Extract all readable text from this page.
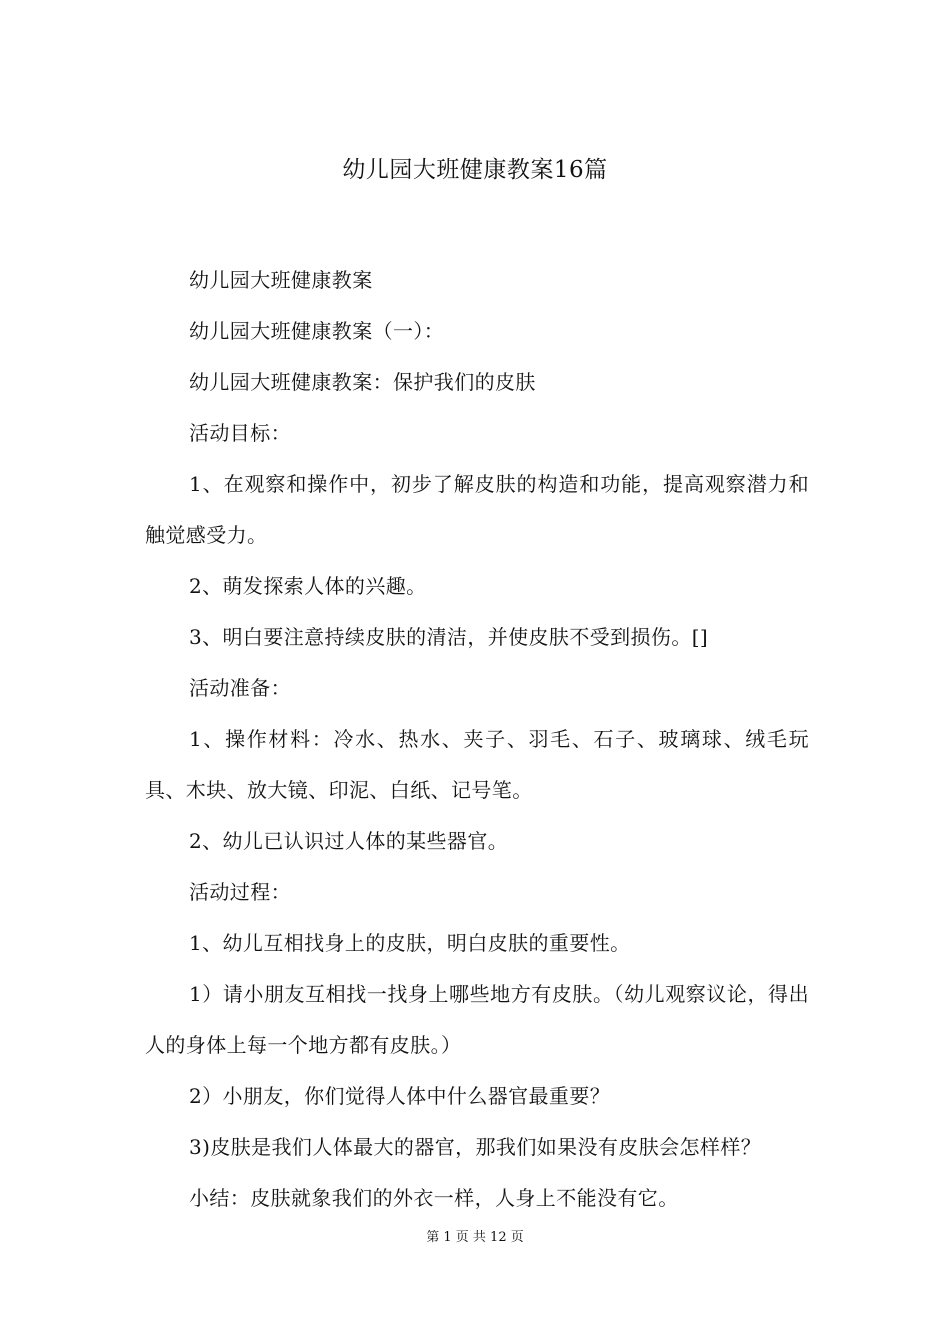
幼儿园大班健康教案16篇

幼儿园大班健康教案

幼儿园大班健康教案（一）：

幼儿园大班健康教案：保护我们的皮肤

活动目标：

1、在观察和操作中，初步了解皮肤的构造和功能，提高观察潜力和触觉感受力。

2、萌发探索人体的兴趣。

3、明白要注意持续皮肤的清洁，并使皮肤不受到损伤。[]

活动准备：

1、操作材料：冷水、热水、夹子、羽毛、石子、玻璃球、绒毛玩具、木块、放大镜、印泥、白纸、记号笔。

2、幼儿已认识过人体的某些器官。

活动过程：

1、幼儿互相找身上的皮肤，明白皮肤的重要性。

1）请小朋友互相找一找身上哪些地方有皮肤。（幼儿观察议论，得出人的身体上每一个地方都有皮肤。）

2）小朋友，你们觉得人体中什么器官最重要？

3)皮肤是我们人体最大的器官，那我们如果没有皮肤会怎样样？

小结：皮肤就象我们的外衣一样，人身上不能没有它。

第 1 页 共 12 页
